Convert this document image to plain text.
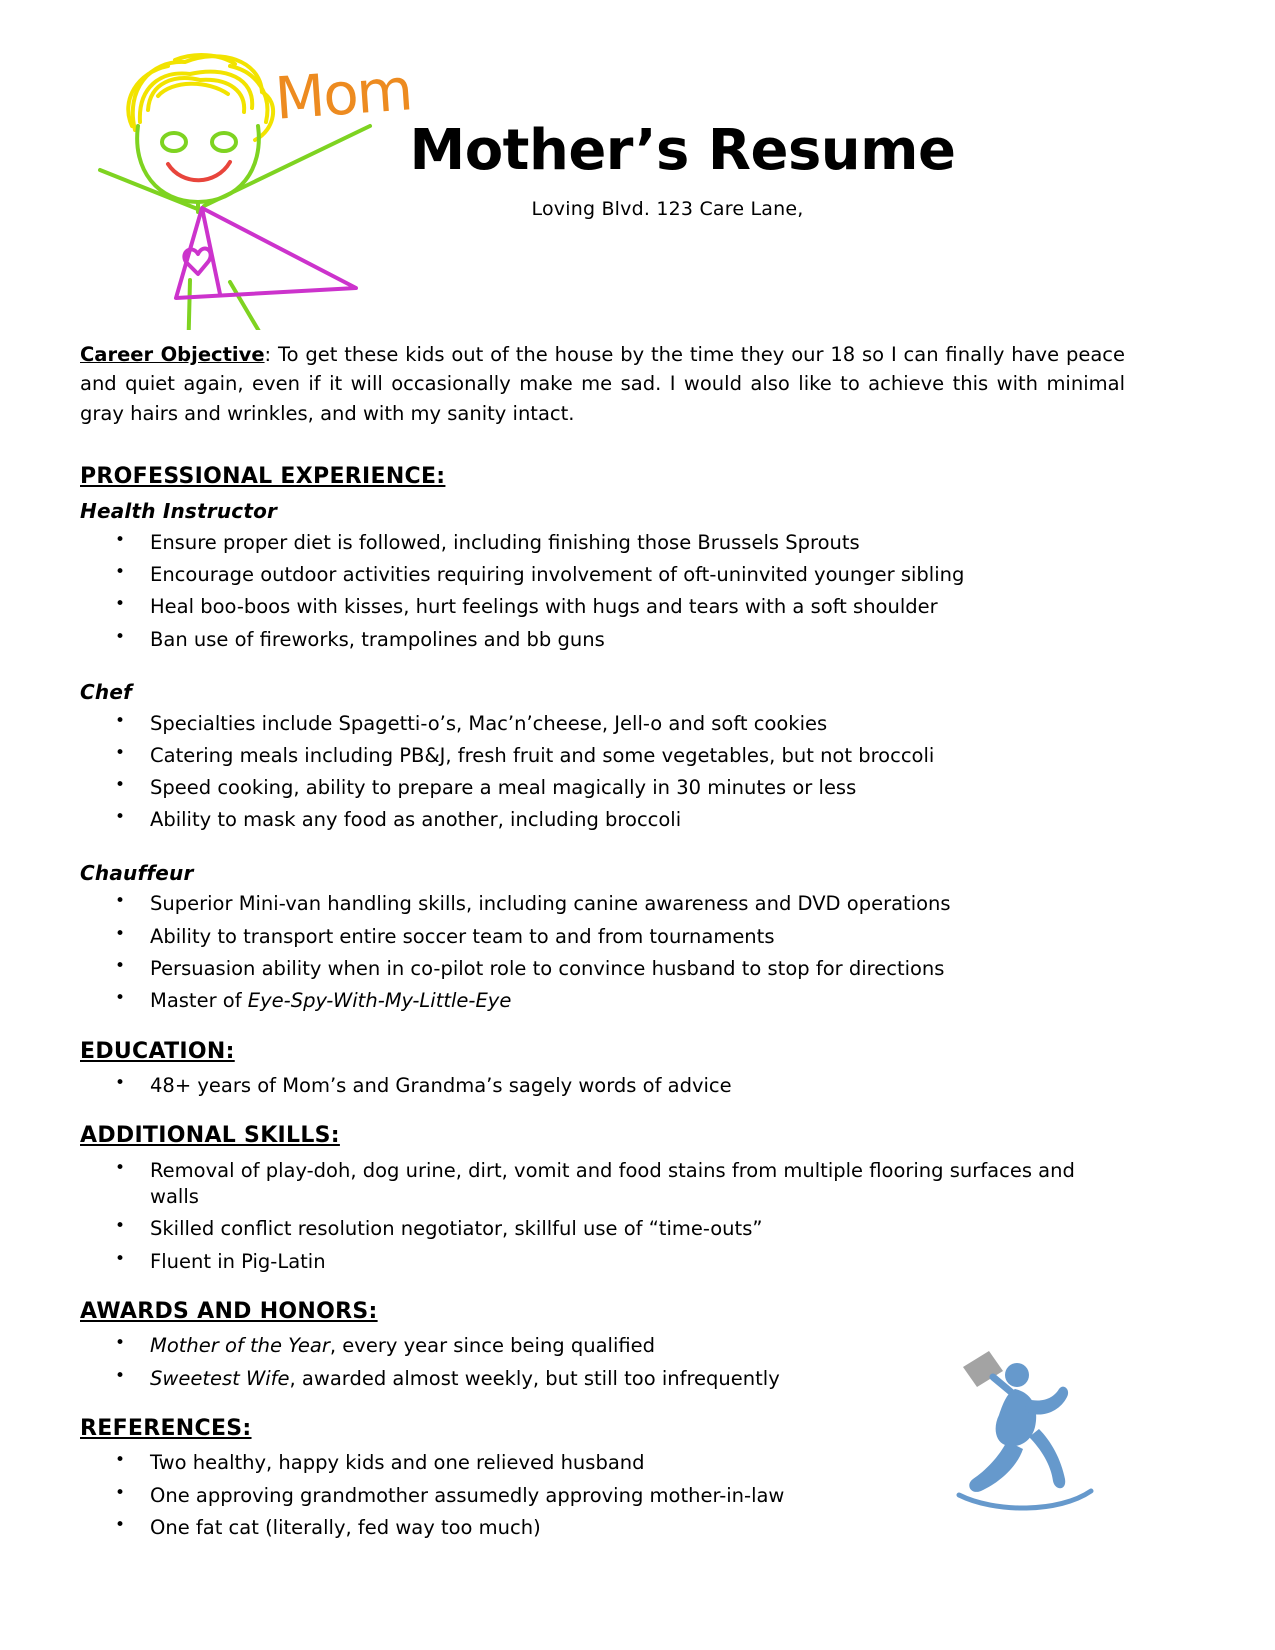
Mom
Mother’s Resume

Loving Blvd. 123 Care Lane,

Career Objective: To get these kids out of the house by the time they our 18 so I can finally have peace and quiet again, even if it will occasionally make me sad. I would also like to achieve this with minimal gray hairs and wrinkles, and with my sanity intact.

PROFESSIONAL EXPERIENCE:
Health Instructor
• Ensure proper diet is followed, including finishing those Brussels Sprouts
• Encourage outdoor activities requiring involvement of oft-uninvited younger sibling
• Heal boo-boos with kisses, hurt feelings with hugs and tears with a soft shoulder
• Ban use of fireworks, trampolines and bb guns
Chef
• Specialties include Spagetti-o’s, Mac’n’cheese, Jell-o and soft cookies
• Catering meals including PB&J, fresh fruit and some vegetables, but not broccoli
• Speed cooking, ability to prepare a meal magically in 30 minutes or less
• Ability to mask any food as another, including broccoli
Chauffeur
• Superior Mini-van handling skills, including canine awareness and DVD operations
• Ability to transport entire soccer team to and from tournaments
• Persuasion ability when in co-pilot role to convince husband to stop for directions
• Master of Eye-Spy-With-My-Little-Eye
EDUCATION:
• 48+ years of Mom’s and Grandma’s sagely words of advice
ADDITIONAL SKILLS:
• Removal of play-doh, dog urine, dirt, vomit and food stains from multiple flooring surfaces and walls
• Skilled conflict resolution negotiator, skillful use of “time-outs”
• Fluent in Pig-Latin
AWARDS AND HONORS:
• Mother of the Year, every year since being qualified
• Sweetest Wife, awarded almost weekly, but still too infrequently
REFERENCES:
• Two healthy, happy kids and one relieved husband
• One approving grandmother assumedly approving mother-in-law
• One fat cat (literally, fed way too much)
